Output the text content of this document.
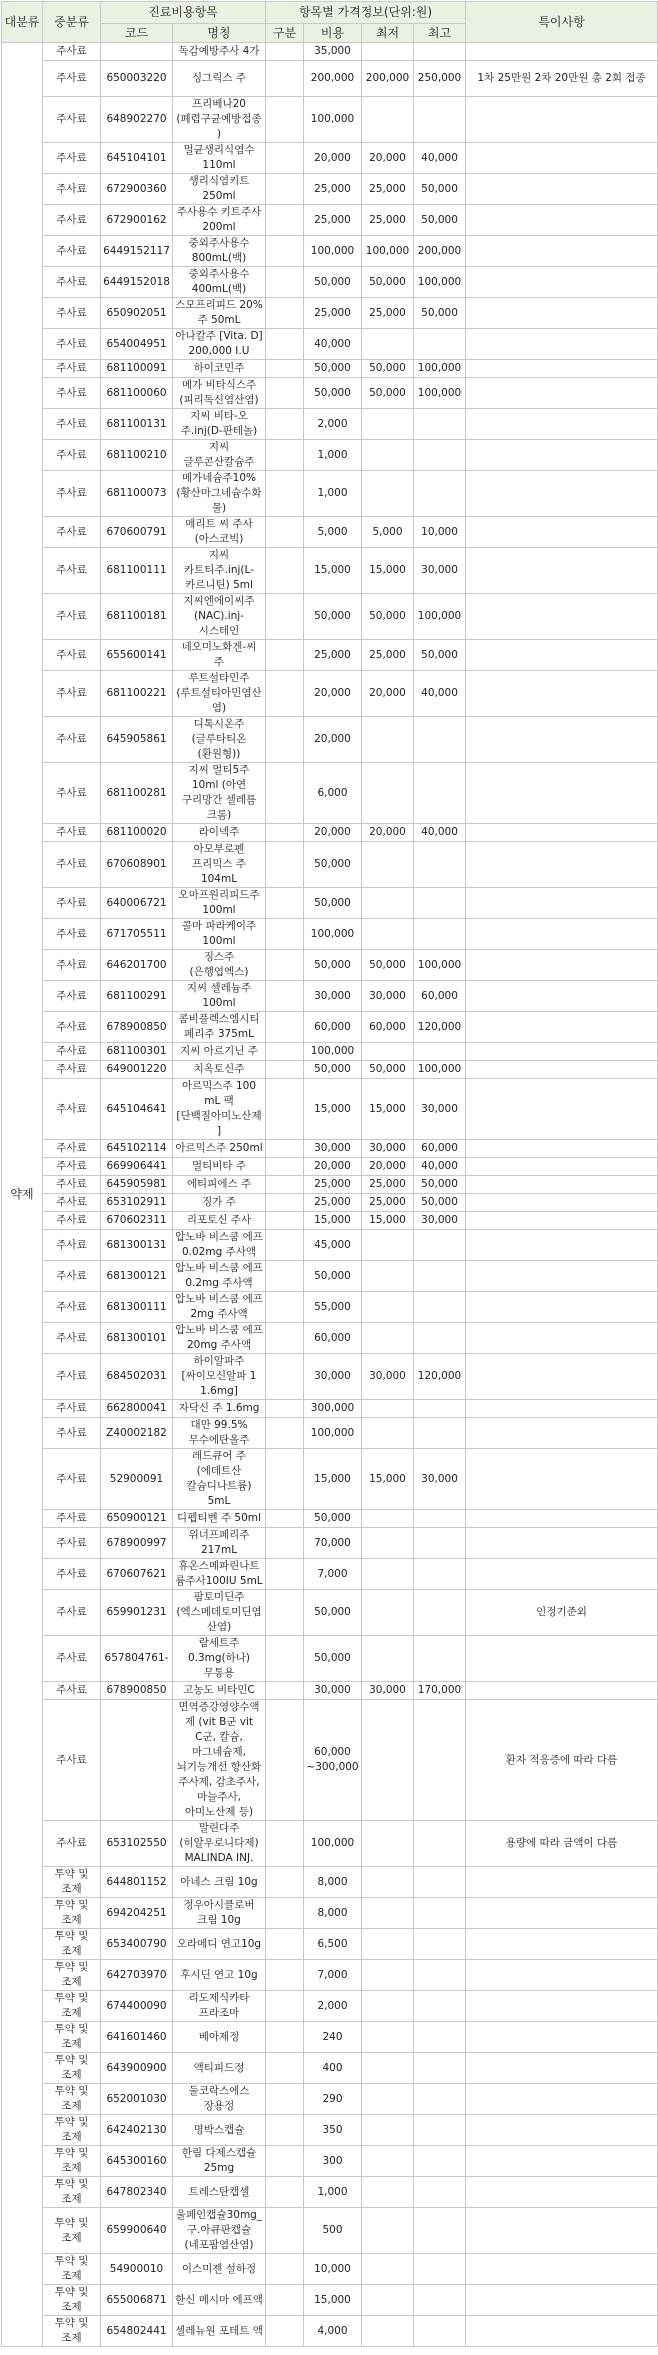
대분류	중분류	진료비용항목		항목별 가격정보(단위:원)				특이사항
		코드	명칭	구분	비용	최저	최고	
약제	주사료		독감예방주사 4가		35,000			
	주사료	650003220	싱그릭스 주		200,000	200,000	250,000	1차 25만원 2차 20만원 총 2회 접종
	주사료	648902270	프리베나20 (폐렴구균예방접종)		100,000			
	주사료	645104101	멀균생리식염수 110ml		20,000	20,000	40,000	
	주사료	672900360	생리식염키트 250ml		25,000	25,000	50,000	
	주사료	672900162	주사용수 키트주사 200ml		25,000	25,000	50,000	
	주사료	6449152117	중외주사용수 800mL(백)		100,000	100,000	200,000	
	주사료	6449152018	중외주사용수 400mL(백)		50,000	50,000	100,000	
	주사료	650902051	스모프리피드 20% 주 50mL		25,000	25,000	50,000	
	주사료	654004951	아나칼주 [Vita. D] 200,000 I.U		40,000			
	주사료	681100091	하이코민주		50,000	50,000	100,000	
	주사료	681100060	메가 비타식스주 (피리독신염산염)		50,000	50,000	100,000	
	주사료	681100131	지씨 비타-오 주.inj(D-판테놀)		2,000			
	주사료	681100210	지씨 글루콘산칼슘주		1,000			
	주사료	681100073	메가네슘주10% (황산마그네슘수화물)		1,000			
	주사료	670600791	메리트 씨 주사 (아스코빅)		5,000	5,000	10,000	
	주사료	681100111	지씨 카트티주.inj(L-카르니틴) 5ml		15,000	15,000	30,000	
	주사료	681100181	지씨엔에이씨주 (NAC).inj-시스테인		50,000	50,000	100,000	
	주사료	655600141	네오미노화겐-씨 주		25,000	25,000	50,000	
	주사료	681100221	루트설타민주(루트설티아민염산염)		20,000	20,000	40,000	
	주사료	645905861	디톡시온주 (글루타티온(환원형))		20,000			
	주사료	681100281	지씨 멀티5주 10ml (아연 구리망간 셀레름 크롬)		6,000			
	주사료	681100020	라이넥주		20,000	20,000	40,000	
	주사료	670608901	아모부로펜 프리믹스 주 104mL		50,000			
	주사료	640006721	오마프원리피드주 100ml		50,000			
	주사료	671705511	콜마 파라케이주 100ml		100,000			
	주사료	646201700	징스주(은행엽엑스)		50,000	50,000	100,000	
	주사료	681100291	지씨 셀레늄주 100ml		30,000	30,000	60,000	
	주사료	678900850	콤비플렉스엠시티페리주 375mL		60,000	60,000	120,000	
	주사료	681100301	지씨 아르기닌 주		100,000			
	주사료	649001220	치옥토신주		50,000	50,000	100,000	
	주사료	645104641	아르믹스주 100 mL 팩 [단백질아미노산제]		15,000	15,000	30,000	
	주사료	645102114	아르믹스주 250ml		30,000	30,000	60,000	
	주사료	669906441	멀티비타 주		20,000	20,000	40,000	
	주사료	645905981	에티피에스 주		25,000	25,000	50,000	
	주사료	653102911	징가 주		25,000	25,000	50,000	
	주사료	670602311	리포토신 주사		15,000	15,000	30,000	
	주사료	681300131	압노바 비스쿰 에프 0.02mg 주사액		45,000			
	주사료	681300121	압노바 비스쿰 에프 0.2mg 주사액		50,000			
	주사료	681300111	압노바 비스쿰 에프 2mg 주사액		55,000			
	주사료	681300101	압노바 비스쿰 에프 20mg 주사액		60,000			
	주사료	684502031	하이알파주 [싸이모신알파 1 1.6mg]		30,000	30,000	120,000	
	주사료	662800041	자닥신 주 1.6mg		300,000			
	주사료	Z40002182	대만 99.5% 무수에탄올주		100,000			
	주사료	52900091	레드큐어 주 (에데트산 칼슘디나트륨) 5mL		15,000	15,000	30,000	
	주사료	650900121	디펩티벤 주 50ml		50,000			
	주사료	678900997	위너프페리주 217mL		70,000			
	주사료	670607621	휴온스메파린나트륨주사100IU 5mL		7,000			
	주사료	659901231	팜토미딘주 (엑스메데토미딘염산염)		50,000			인정기준외
	주사료	657804761-	람세트주 0.3mg(하나)무통용		50,000			
	주사료	678900850	고농도 비타민C		30,000	30,000	170,000	
	주사료		면역증강영양수액제 (vit B군 vit C군, 칼슘, 마그네슘제, 뇌기능개선 항산화 주사제, 감초주사, 마늘주사, 아미노산제 등)		60,000 ~300,000			환자 적응증에 따라 다름
	주사료	653102550	말린다주(히알우로니다제) MALINDA INJ.		100,000			용량에 따라 금액이 다름
	투약 및 조제	644801152	아네스 크림 10g		8,000			
	투약 및 조제	694204251	정우아시클로버 크림 10g		8,000			
	투약 및 조제	653400790	오라메디 연고10g		6,500			
	투약 및 조제	642703970	후시딘 연고 10g		7,000			
	투약 및 조제	674400090	리도제식카타 프라조마		2,000			
	투약 및 조제	641601460	베아제정		240			
	투약 및 조제	643900900	액티피드정		400			
	투약 및 조제	652001030	둘코락스에스 장용정		290			
	투약 및 조제	642402130	명박스캡슐		350			
	투약 및 조제	645300160	한림 다제스캡슐 25mg		300			
	투약 및 조제	647802340	트레스탄캡셀		1,000			
	투약 및 조제	659900640	울페인캡슐30mg_구.아큐판캡슐(네포팜염산염)		500			
	투약 및 조제	54900010	이스미젠 설하정		10,000			
	투약 및 조제	655006871	한신 메시마 에프액		15,000			
	투약 및 조제	654802441	셀레뉴원 포테트 액		4,000			
